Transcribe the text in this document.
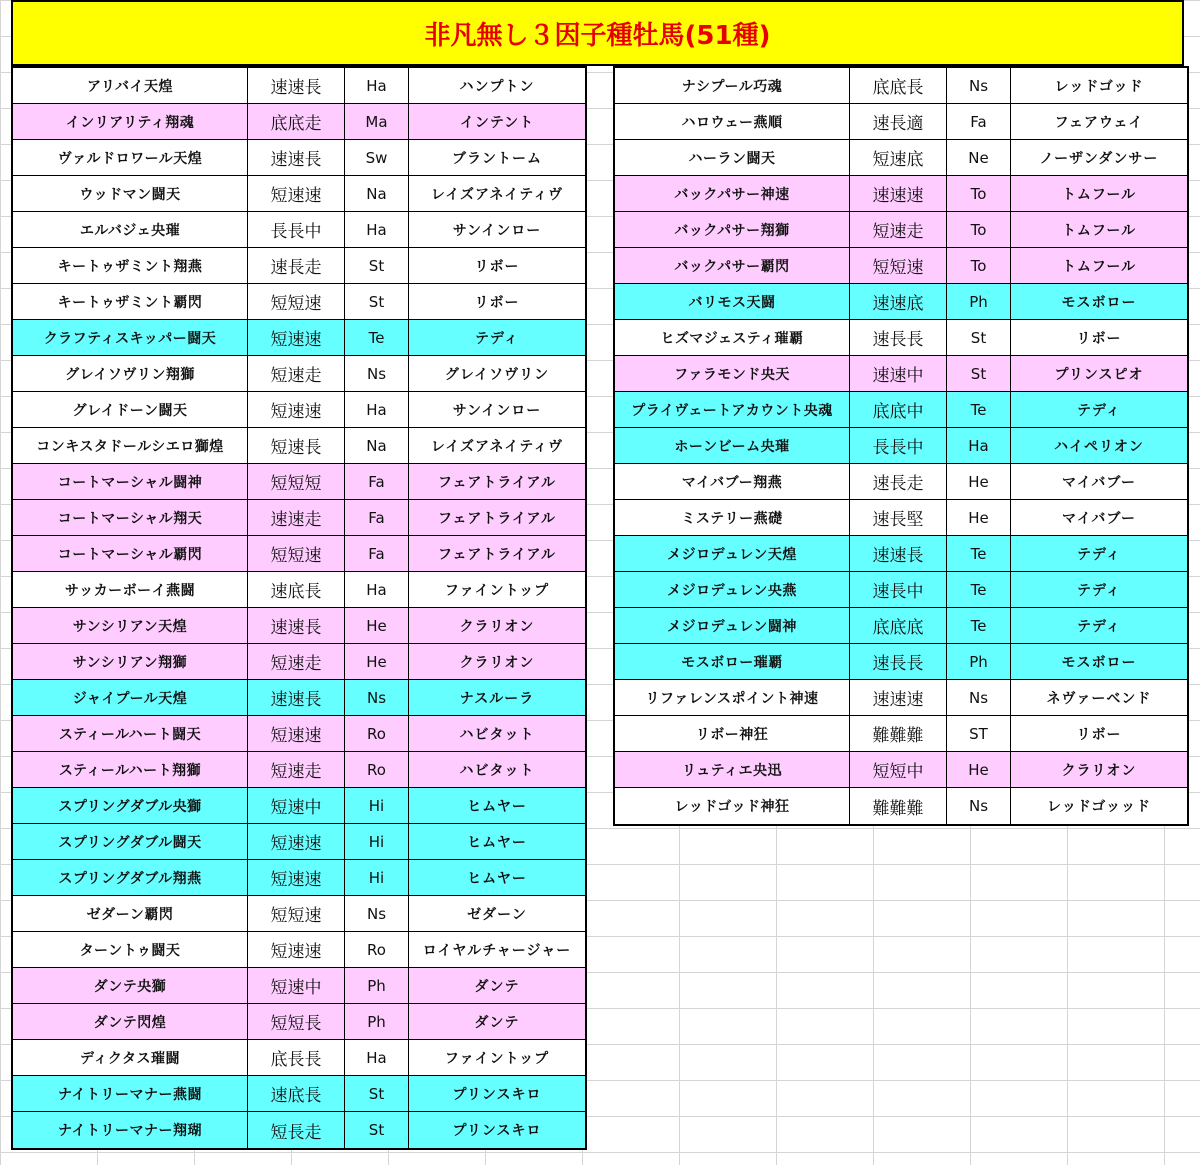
非凡無し３因子種牡馬(51種)
アリバイ天煌	速速長	Ha	ハンプトン
インリアリティ翔魂	底底走	Ma	インテント
ヴァルドロワール天煌	速速長	Sw	ブラントーム
ウッドマン闘天	短速速	Na	レイズアネイティヴ
エルバジェ央璀	長長中	Ha	サンインロー
キートゥザミント翔燕	速長走	St	リボー
キートゥザミント覇閃	短短速	St	リボー
クラフティスキッパー闘天	短速速	Te	テディ
グレイソヴリン翔獅	短速走	Ns	グレイソヴリン
グレイドーン闘天	短速速	Ha	サンインロー
コンキスタドールシエロ獅煌	短速長	Na	レイズアネイティヴ
コートマーシャル闘神	短短短	Fa	フェアトライアル
コートマーシャル翔天	速速走	Fa	フェアトライアル
コートマーシャル覇閃	短短速	Fa	フェアトライアル
サッカーボーイ燕闘	速底長	Ha	ファイントップ
サンシリアン天煌	速速長	He	クラリオン
サンシリアン翔獅	短速走	He	クラリオン
ジャイプール天煌	速速長	Ns	ナスルーラ
スティールハート闘天	短速速	Ro	ハビタット
スティールハート翔獅	短速走	Ro	ハビタット
スプリングダブル央獅	短速中	Hi	ヒムヤー
スプリングダブル闘天	短速速	Hi	ヒムヤー
スプリングダブル翔燕	短速速	Hi	ヒムヤー
ゼダーン覇閃	短短速	Ns	ゼダーン
ターントゥ闘天	短速速	Ro	ロイヤルチャージャー
ダンテ央獅	短速中	Ph	ダンテ
ダンテ閃煌	短短長	Ph	ダンテ
ディクタス璀闘	底長長	Ha	ファイントップ
ナイトリーマナー燕闘	速底長	St	プリンスキロ
ナイトリーマナー翔瑚	短長走	St	プリンスキロ
ナシプール巧魂	底底長	Ns	レッドゴッド
ハロウェー燕順	速長適	Fa	フェアウェイ
ハーラン闘天	短速底	Ne	ノーザンダンサー
バックパサー神速	速速速	To	トムフール
バックパサー翔獅	短速走	To	トムフール
バックパサー覇閃	短短速	To	トムフール
バリモス天闘	速速底	Ph	モスボロー
ヒズマジェスティ璀覇	速長長	St	リボー
ファラモンド央天	速速中	St	プリンスピオ
プライヴェートアカウント央魂	底底中	Te	テディ
ホーンビーム央璀	長長中	Ha	ハイペリオン
マイバブー翔燕	速長走	He	マイバブー
ミステリー燕礎	速長堅	He	マイバブー
メジロデュレン天煌	速速長	Te	テディ
メジロデュレン央燕	速長中	Te	テディ
メジロデュレン闘神	底底底	Te	テディ
モスボロー璀覇	速長長	Ph	モスボロー
リファレンスポイント神速	速速速	Ns	ネヴァーベンド
リボー神狂	難難難	ST	リボー
リュティエ央迅	短短中	He	クラリオン
レッドゴッド神狂	難難難	Ns	レッドゴッッド
